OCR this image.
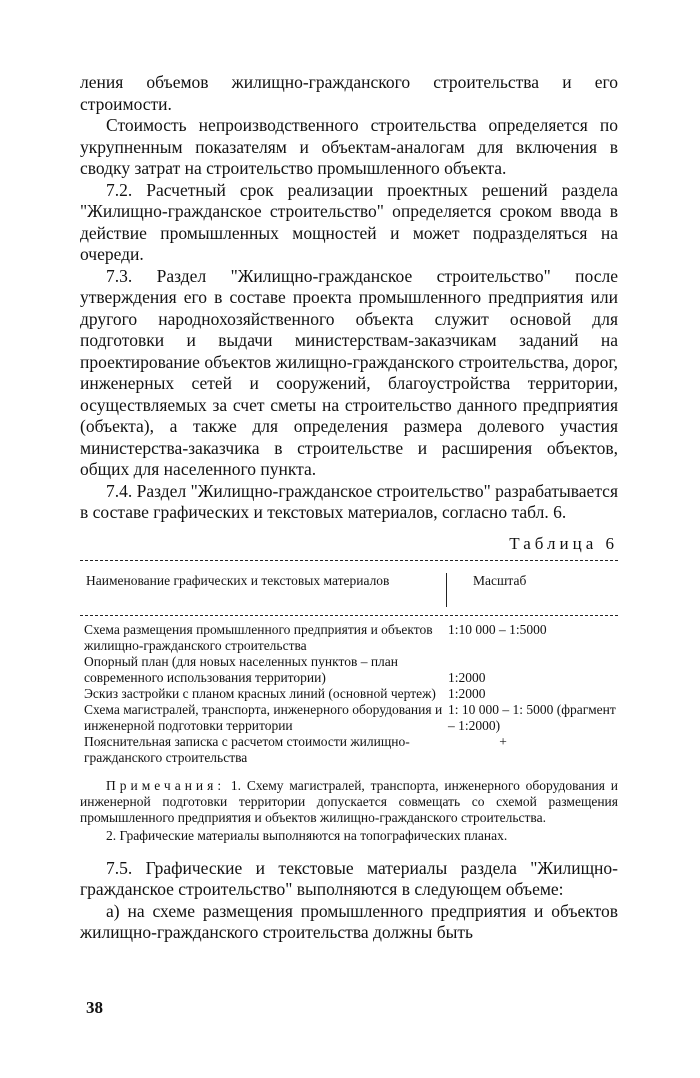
ления объемов жилищно-гражданского строительства и его строимости.

Стоимость непроизводственного строительства определяется по укрупненным показателям и объектам-аналогам для включения в сводку затрат на строительство промышленного объекта.

7.2. Расчетный срок реализации проектных решений раздела "Жилищно-гражданское строительство" определяется сроком ввода в действие промышленных мощностей и может подразделяться на очереди.

7.3. Раздел "Жилищно-гражданское строительство" после утверждения его в составе проекта промышленного предприятия или другого народнохозяйственного объекта служит основой для подготовки и выдачи министерствам-заказчикам заданий на проектирование объектов жилищно-гражданского строительства, дорог, инженерных сетей и сооружений, благоустройства территории, осуществляемых за счет сметы на строительство данного предприятия (объекта), а также для определения размера долевого участия министерства-заказчика в строительстве и расширения объектов, общих для населенного пункта.

7.4. Раздел "Жилищно-гражданское строительство" разрабатывается в составе графических и текстовых материалов, согласно табл. 6.

Таблица 6
Наименование графических и текстовых материалов	Масштаб
Схема размещения промышленного предприятия и объектов жилищно-гражданского строительства
1:10 000 – 1:5000
Опорный план (для новых населенных пунктов – план современного использования территории)	1:2000
Эскиз застройки с планом красных линий (основной чертеж) 1:2000
Схема магистралей, транспорта, инженерного оборудования и инженерной подготовки территории
1: 10 000 – 1: 5000 (фрагмент – 1:2000)
Пояснительная записка с расчетом стоимости жилищно-гражданского строительства
+
Примечания: 1. Схему магистралей, транспорта, инженерного оборудования и инженерной подготовки территории допускается совмещать со схемой размещения промышленного предприятия и объектов жилищно-гражданского строительства.
2. Графические материалы выполняются на топографических планах.

7.5. Графические и текстовые материалы раздела "Жилищно-гражданское строительство" выполняются в следующем объеме:

а) на схеме размещения промышленного предприятия и объектов жилищно-гражданского строительства должны быть

38
